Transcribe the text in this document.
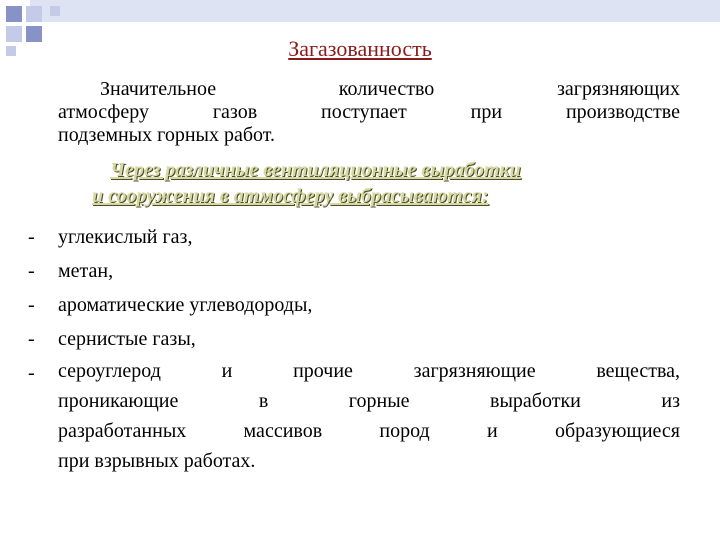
Загазованность
Значительное количество загрязняющих
атмосферу газов поступает при производстве
подземных горных работ.
Через различные вентиляционные выработки
и сооружения в атмосферу выбрасываются:
-	углекислый газ,
-	метан,
-	ароматические углеводороды,
-	сернистые газы,
-	сероуглерод и прочие загрязняющие вещества,
проникающие в горные выработки из
разработанных массивов пород и образующиеся
при взрывных работах.
